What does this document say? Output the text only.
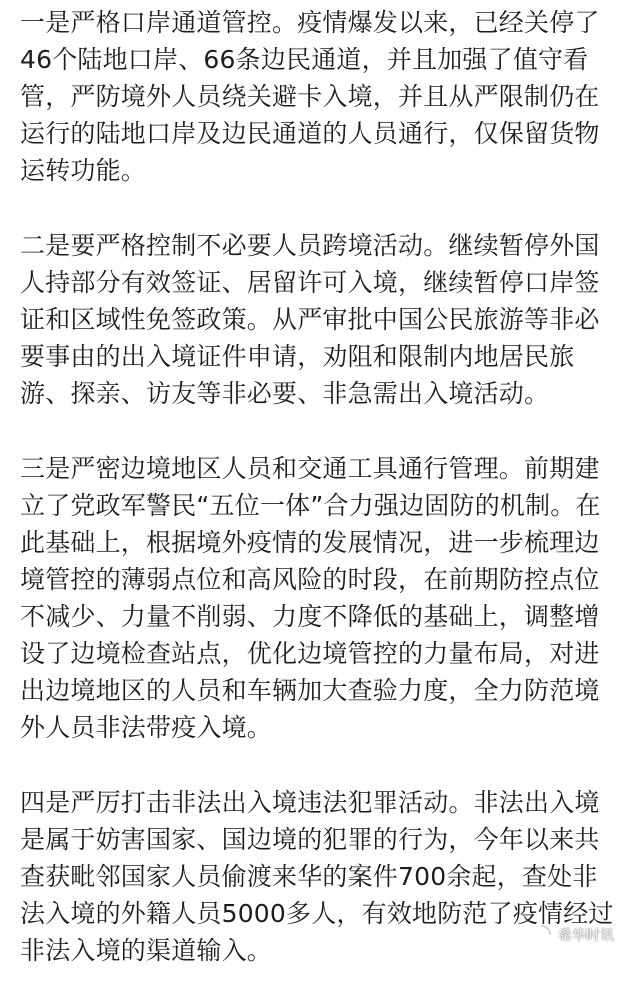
一是严格口岸通道管控。疫情爆发以来，已经关停了
46个陆地口岸、66条边民通道，并且加强了值守看
管，严防境外人员绕关避卡入境，并且从严限制仍在
运行的陆地口岸及边民通道的人员通行，仅保留货物
运转功能。
二是要严格控制不必要人员跨境活动。继续暂停外国
人持部分有效签证、居留许可入境，继续暂停口岸签
证和区域性免签政策。从严审批中国公民旅游等非必
要事由的出入境证件申请，劝阻和限制内地居民旅
游、探亲、访友等非必要、非急需出入境活动。
三是严密边境地区人员和交通工具通行管理。前期建
立了党政军警民“五位一体”合力强边固防的机制。在
此基础上，根据境外疫情的发展情况，进一步梳理边
境管控的薄弱点位和高风险的时段，在前期防控点位
不减少、力量不削弱、力度不降低的基础上，调整增
设了边境检查站点，优化边境管控的力量布局，对进
出边境地区的人员和车辆加大查验力度，全力防范境
外人员非法带疫入境。
四是严厉打击非法出入境违法犯罪活动。非法出入境
是属于妨害国家、国边境的犯罪的行为，今年以来共
查获毗邻国家人员偷渡来华的案件700余起，查处非
法入境的外籍人员5000多人，有效地防范了疫情经过
非法入境的渠道输入。	希华时讯
